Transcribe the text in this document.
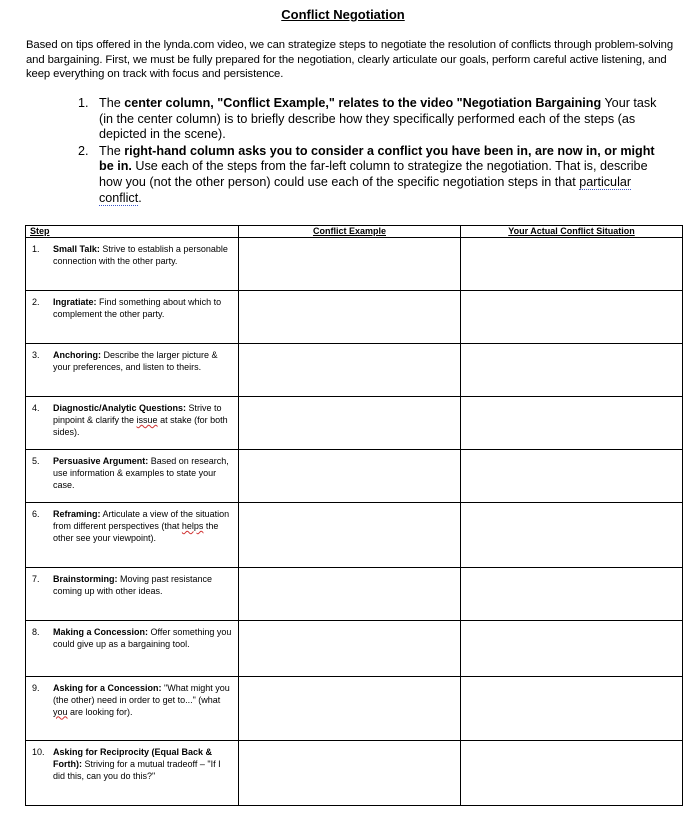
Conflict Negotiation
Based on tips offered in the lynda.com video, we can strategize steps to negotiate the resolution of conflicts through problem-solving and bargaining. First, we must be fully prepared for the negotiation, clearly articulate our goals, perform careful active listening, and keep everything on track with focus and persistence.
1. The center column, "Conflict Example," relates to the video "Negotiation Bargaining Your task (in the center column) is to briefly describe how they specifically performed each of the steps (as depicted in the scene).
2. The right-hand column asks you to consider a conflict you have been in, are now in, or might be in. Use each of the steps from the far-left column to strategize the negotiation. That is, describe how you (not the other person) could use each of the specific negotiation steps in that particular conflict.
Step	Conflict Example	Your Actual Conflict Situation

1. Small Talk: Strive to establish a personable connection with the other party.		

2. Ingratiate: Find something about which to complement the other party.		

3. Anchoring: Describe the larger picture & your preferences, and listen to theirs.		

4. Diagnostic/Analytic Questions: Strive to pinpoint & clarify the issue at stake (for both sides).		

5. Persuasive Argument: Based on research, use information & examples to state your case.		

6. Reframing: Articulate a view of the situation from different perspectives (that helps the other see your viewpoint).		

7. Brainstorming: Moving past resistance coming up with other ideas.		

8. Making a Concession: Offer something you could give up as a bargaining tool.		

9. Asking for a Concession: "What might you (the other) need in order to get to..." (what you are looking for).		

10. Asking for Reciprocity (Equal Back & Forth): Striving for a mutual tradeoff – "If I did this, can you do this?"		
